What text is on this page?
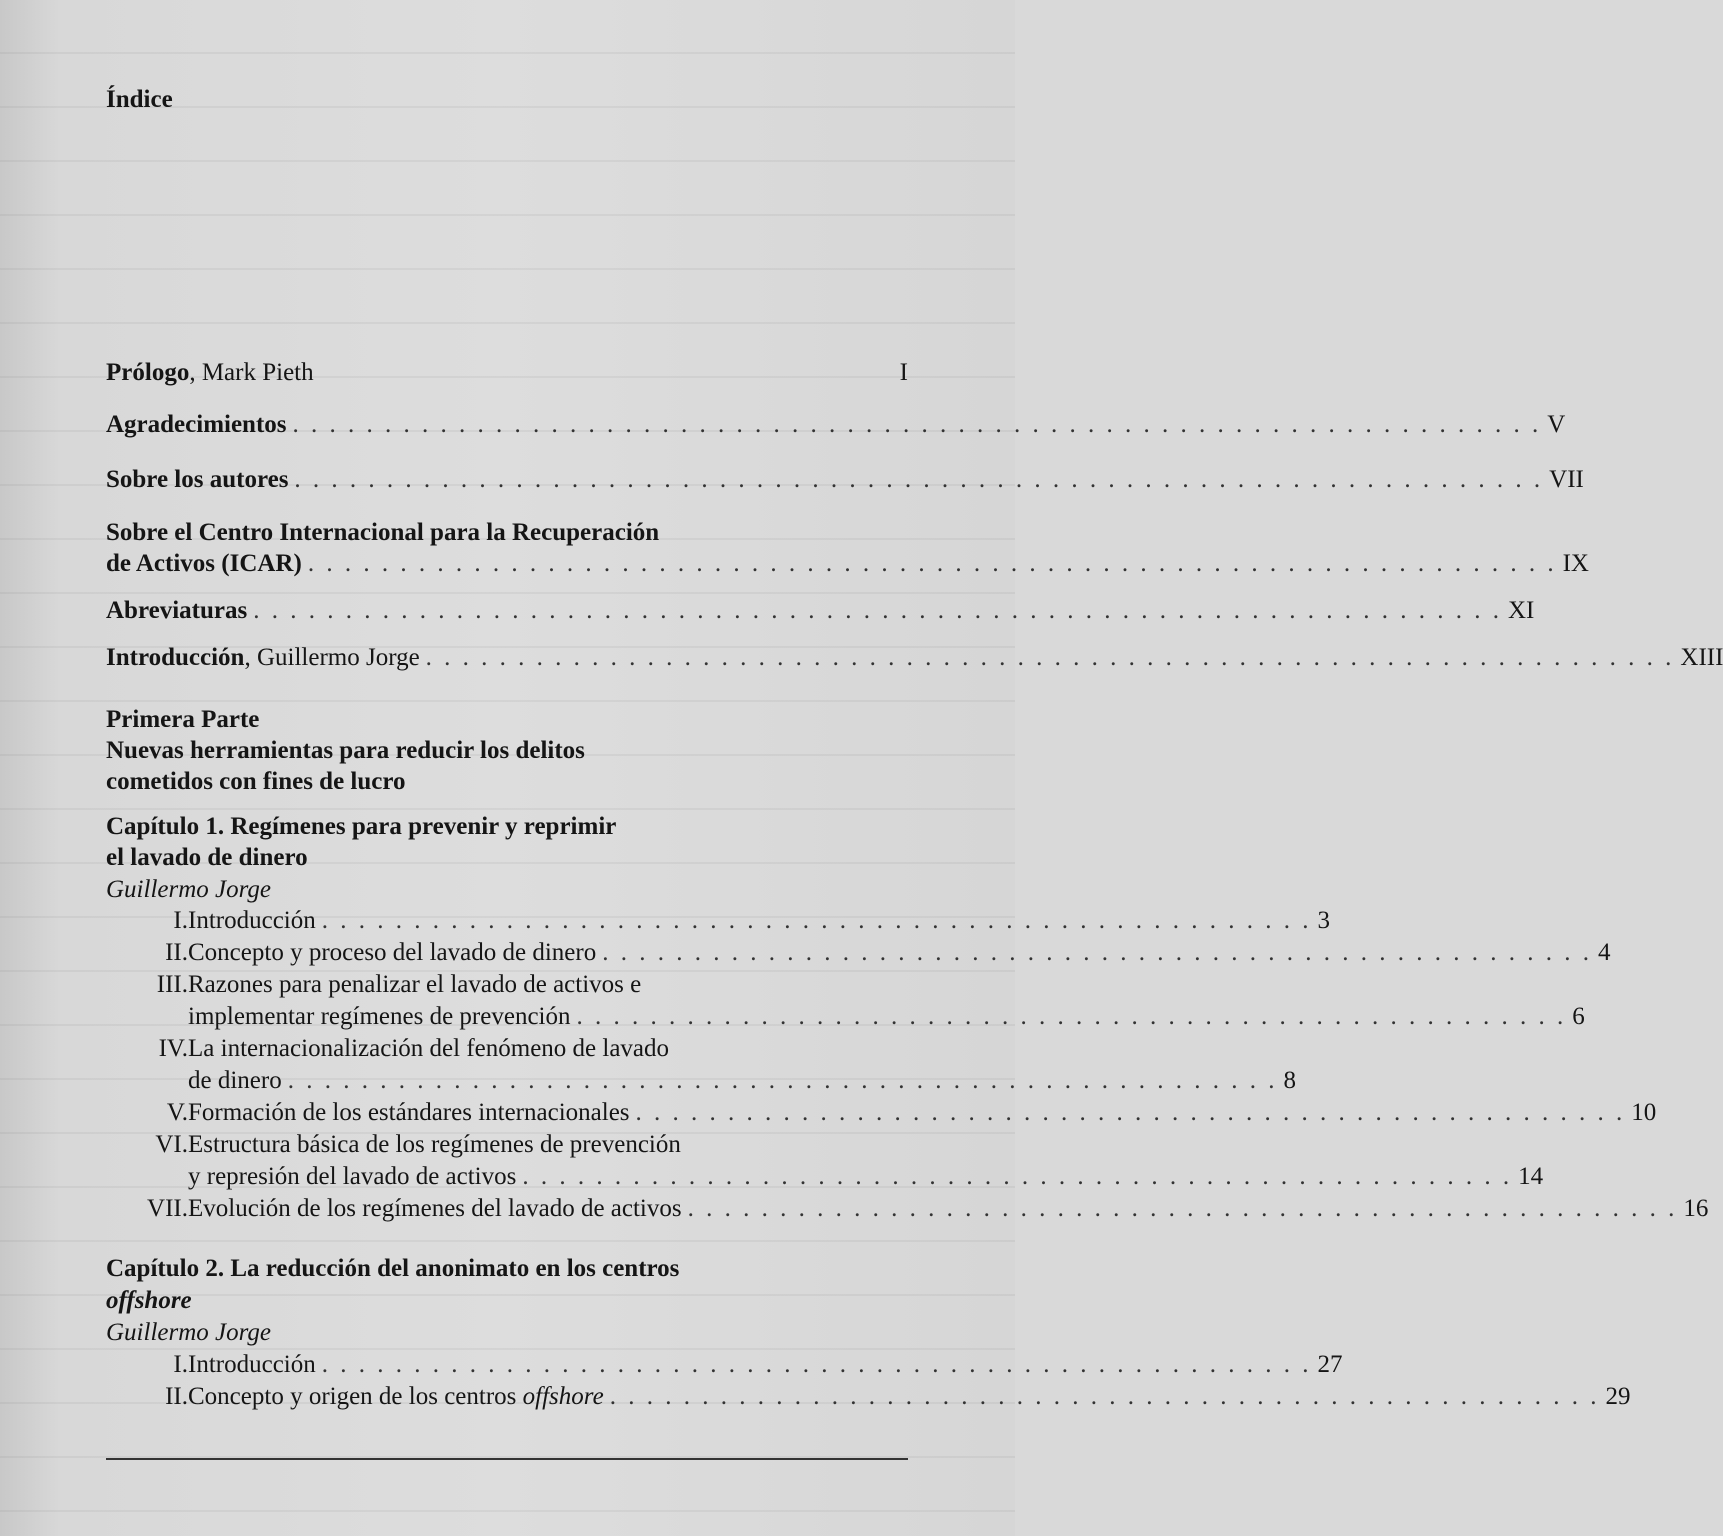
Índice
Prólogo, Mark Pieth	I
Agradecimientos . . . . . . . . . . . . . . . . . . . . . . . . . . . . . . . . . . . . . . . . . . . . . . . . . . . . . . . . . . . . . . . . . . . . V
Sobre los autores . . . . . . . . . . . . . . . . . . . . . . . . . . . . . . . . . . . . . . . . . . . . . . . . . . . . . . . . . . . . . . . . . . . . VII
Sobre el Centro Internacional para la Recuperación
de Activos (ICAR) . . . . . . . . . . . . . . . . . . . . . . . . . . . . . . . . . . . . . . . . . . . . . . . . . . . . . . . . . . . . . . . . . . . . IX
Abreviaturas . . . . . . . . . . . . . . . . . . . . . . . . . . . . . . . . . . . . . . . . . . . . . . . . . . . . . . . . . . . . . . . . . . . . XI
Introducción, Guillermo Jorge . . . . . . . . . . . . . . . . . . . . . . . . . . . . . . . . . . . . . . . . . . . . . . . . . . . . . . . . . . . . . . . . . . . . XIII
Primera Parte
Nuevas herramientas para reducir los delitos
cometidos con fines de lucro
Capítulo 1. Regímenes para prevenir y reprimir
el lavado de dinero
Guillermo Jorge
I. Introducción . . . . . . . . . . . . . . . . . . . . . . . . . . . . . . . . . . . . . . . . . . . . . . . . . . . . . . 3
II. Concepto y proceso del lavado de dinero . . . . . . . . . . . . . . . . . . . . . . . . . . . . . . . . . . . . . . . . . . . . . . . . . . . . . . 4
III. Razones para penalizar el lavado de activos e
implementar regímenes de prevención . . . . . . . . . . . . . . . . . . . . . . . . . . . . . . . . . . . . . . . . . . . . . . . . . . . . . . 6
IV. La internacionalización del fenómeno de lavado
de dinero . . . . . . . . . . . . . . . . . . . . . . . . . . . . . . . . . . . . . . . . . . . . . . . . . . . . . . 8
V. Formación de los estándares internacionales . . . . . . . . . . . . . . . . . . . . . . . . . . . . . . . . . . . . . . . . . . . . . . . . . . . . . . 10
VI. Estructura básica de los regímenes de prevención
y represión del lavado de activos . . . . . . . . . . . . . . . . . . . . . . . . . . . . . . . . . . . . . . . . . . . . . . . . . . . . . . 14
VII. Evolución de los regímenes del lavado de activos . . . . . . . . . . . . . . . . . . . . . . . . . . . . . . . . . . . . . . . . . . . . . . . . . . . . . . 16
Capítulo 2. La reducción del anonimato en los centros
offshore
Guillermo Jorge
I. Introducción . . . . . . . . . . . . . . . . . . . . . . . . . . . . . . . . . . . . . . . . . . . . . . . . . . . . . . 27
II. Concepto y origen de los centros offshore . . . . . . . . . . . . . . . . . . . . . . . . . . . . . . . . . . . . . . . . . . . . . . . . . . . . . . 29
